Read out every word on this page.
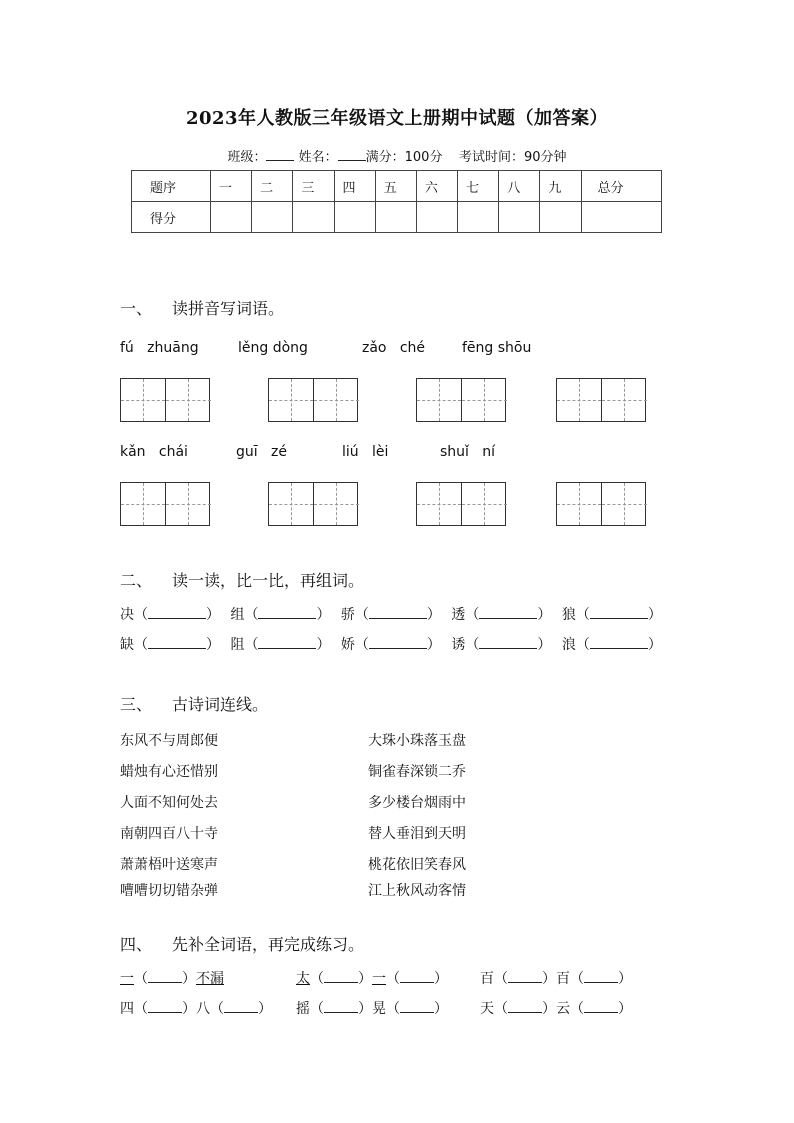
2023年人教版三年级语文上册期中试题（加答案）
班级： 姓名： 满分：100分 考试时间：90分钟
题序	一	二	三	四	五	六	七	八	九	总分
得分										
一、 读拼音写词语。
fú   zhuāng	lěng dòng	zǎo   ché	fēng shōu
kǎn   chái	guī   zé	liú   lèi	shuǐ   ní
二、 读一读，比一比，再组词。
决（	） 组（	） 骄（	） 透（	） 狼（	）
缺（	） 阻（	） 娇（	） 诱（	） 浪（	）
三、 古诗词连线。
东风不与周郎便
蜡烛有心还惜别
人面不知何处去
南朝四百八十寺
萧萧梧叶送寒声
嘈嘈切切错杂弹
大珠小珠落玉盘
铜雀春深锁二乔
多少楼台烟雨中
替人垂泪到天明
桃花依旧笑春风
江上秋风动客情
四、 先补全词语，再完成练习。
一（ ）不漏	太（ ）一（ ） 百（ ）百（ ）
四（ ）八（ ） 摇（ ）晃（ ） 天（ ）云（ ）
